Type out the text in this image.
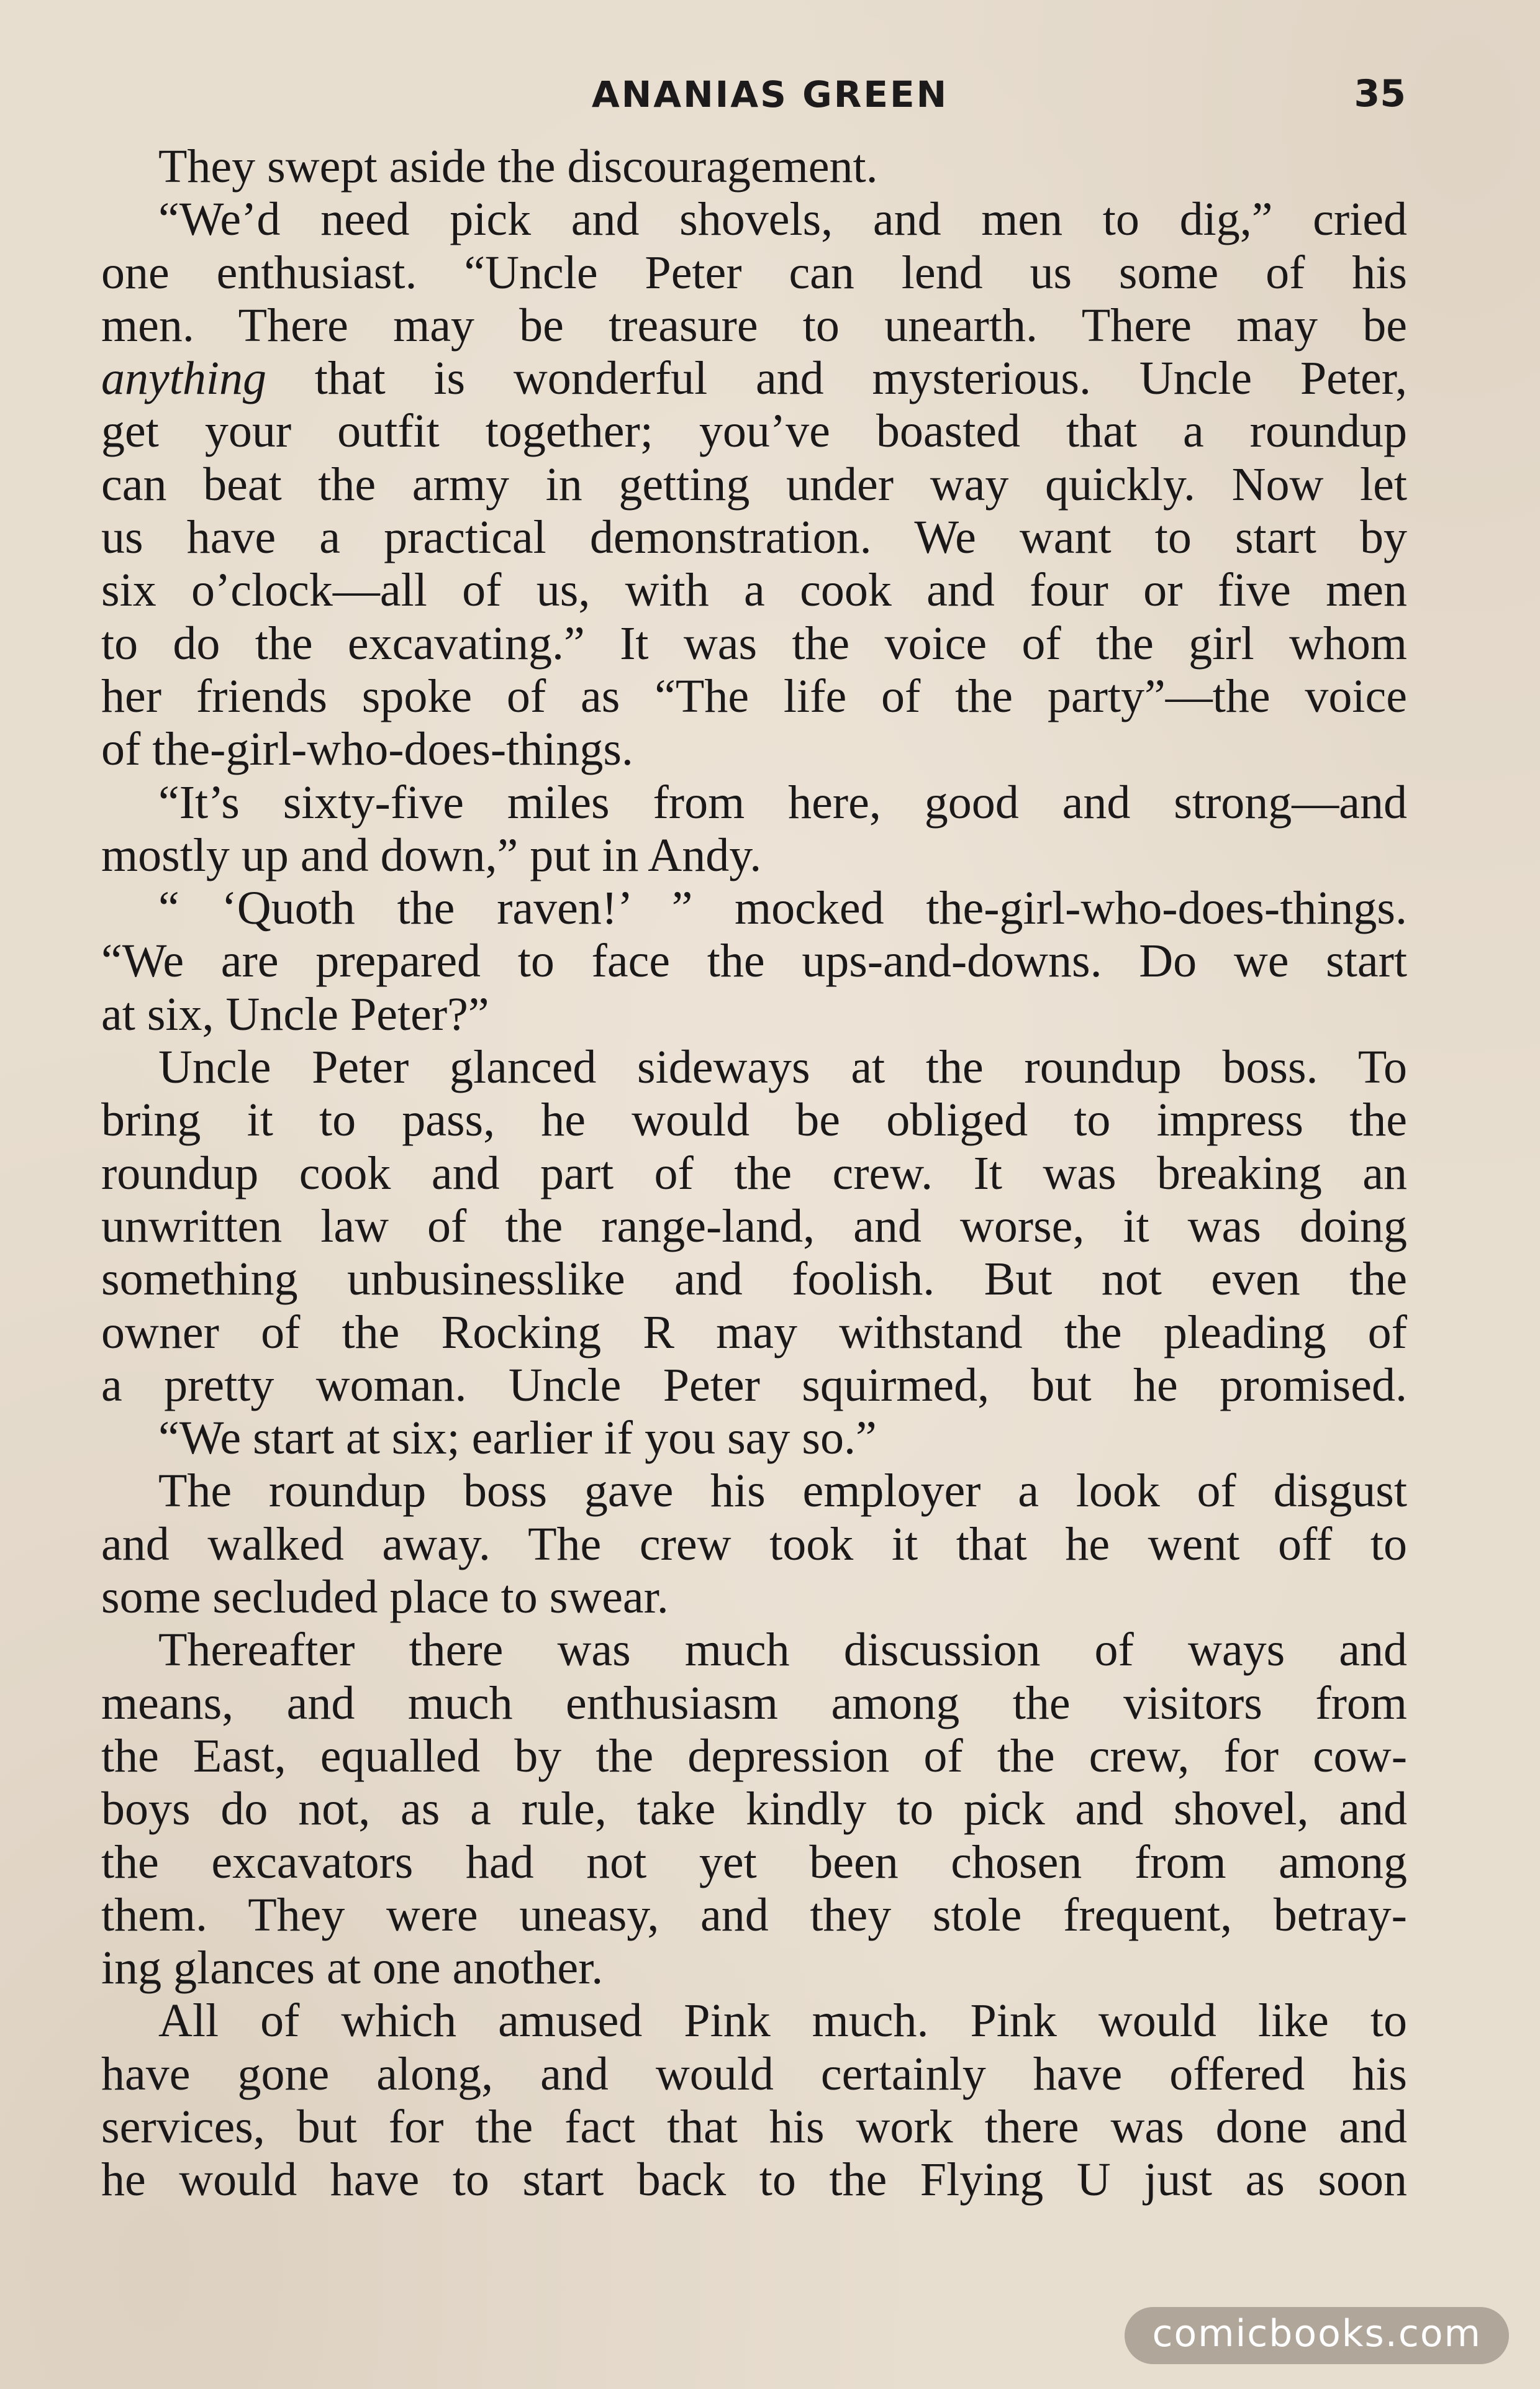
ANANIAS GREEN	35
They swept aside the discouragement.
“We’d need pick and shovels, and men to dig,” cried
one enthusiast. “Uncle Peter can lend us some of his
men. There may be treasure to unearth. There may be
anything that is wonderful and mysterious. Uncle Peter,
get your outfit together; you’ve boasted that a roundup
can beat the army in getting under way quickly. Now let
us have a practical demonstration. We want to start by
six o’clock—all of us, with a cook and four or five men
to do the excavating.” It was the voice of the girl whom
her friends spoke of as “The life of the party”—the voice
of the-girl-who-does-things.
“It’s sixty-five miles from here, good and strong—and
mostly up and down,” put in Andy.
“ ‘Quoth the raven!’ ” mocked the-girl-who-does-things.
“We are prepared to face the ups-and-downs. Do we start
at six, Uncle Peter?”
Uncle Peter glanced sideways at the roundup boss. To
bring it to pass, he would be obliged to impress the
roundup cook and part of the crew. It was breaking an
unwritten law of the range-land, and worse, it was doing
something unbusinesslike and foolish. But not even the
owner of the Rocking R may withstand the pleading of
a pretty woman. Uncle Peter squirmed, but he promised.
“We start at six; earlier if you say so.”
The roundup boss gave his employer a look of disgust
and walked away. The crew took it that he went off to
some secluded place to swear.
Thereafter there was much discussion of ways and
means, and much enthusiasm among the visitors from
the East, equalled by the depression of the crew, for cow-
boys do not, as a rule, take kindly to pick and shovel, and
the excavators had not yet been chosen from among
them. They were uneasy, and they stole frequent, betray-
ing glances at one another.
All of which amused Pink much. Pink would like to
have gone along, and would certainly have offered his
services, but for the fact that his work there was done and
he would have to start back to the Flying U just as soon
comicbooks.com
